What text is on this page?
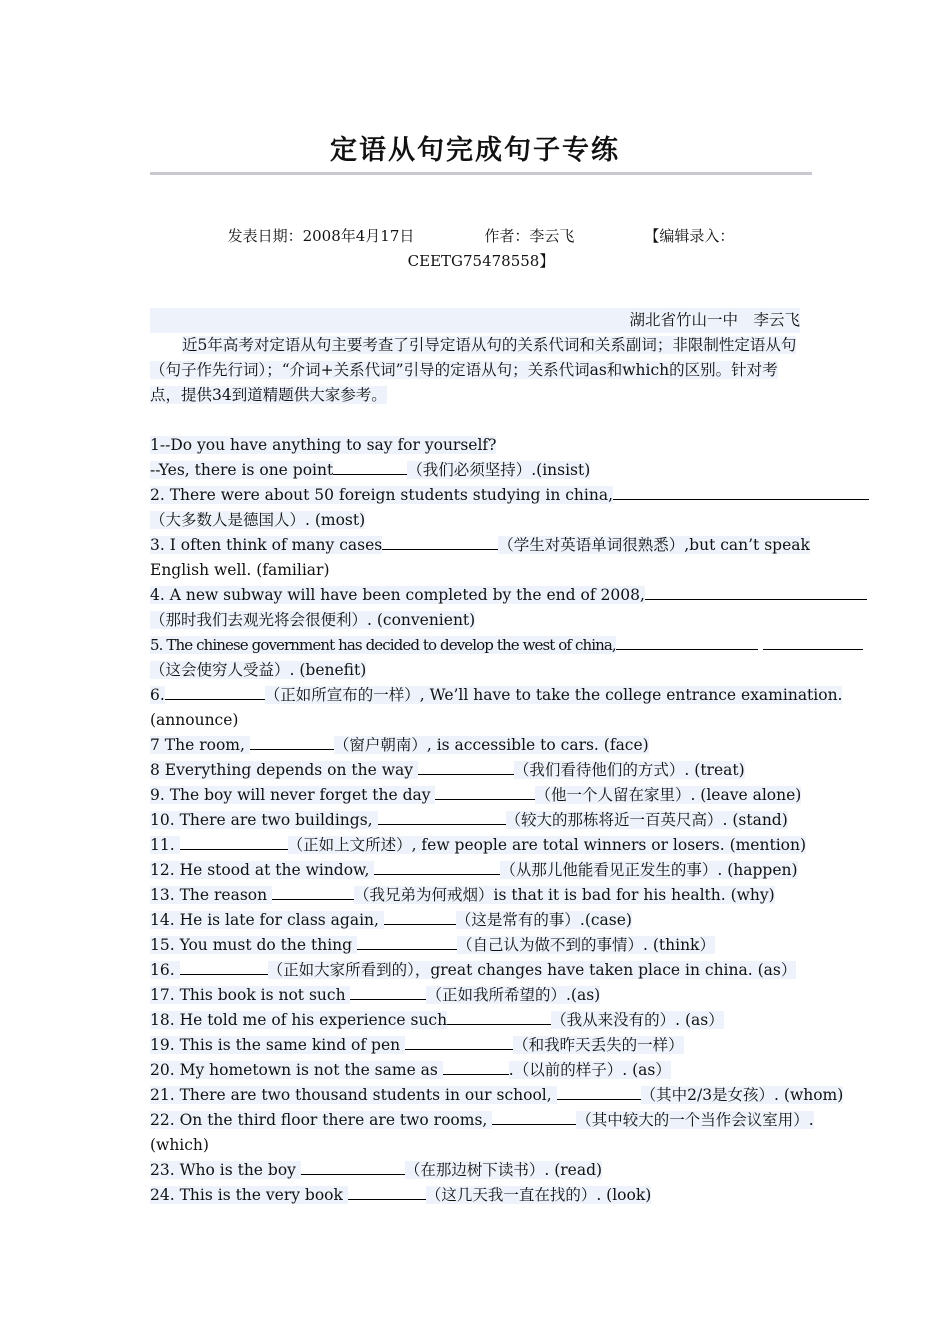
定语从句完成句子专练
发表日期：2008年4月17日	作者：李云飞	【编辑录入：
CEETG75478558】
湖北省竹山一中　李云飞
近5年高考对定语从句主要考查了引导定语从句的关系代词和关系副词；非限制性定语从句（句子作先行词）；“介词+关系代词”引导的定语从句；关系代词as和which的区别。针对考点，提供34到道精题供大家参考。
1--Do you have anything to say for yourself?
--Yes, there is one point	（我们必须坚持）.(insist)
2. There were about 50 foreign students studying in china,
（大多数人是德国人）. (most)
3. I often think of many cases	（学生对英语单词很熟悉）,but can’t speak
English well. (familiar)
4. A new subway will have been completed by the end of 2008,
（那时我们去观光将会很便利）. (convenient)
5. The chinese government has decided to develop the west of china,
（这会使穷人受益）. (benefit)
6.	（正如所宣布的一样）, We’ll have to take the college entrance examination.
(announce)
7 The room,	（窗户朝南）, is accessible to cars. (face)
8 Everything depends on the way	（我们看待他们的方式）. (treat)
9. The boy will never forget the day	（他一个人留在家里）. (leave alone)
10. There are two buildings,	（较大的那栋将近一百英尺高）. (stand)
11.	（正如上文所述）, few people are total winners or losers. (mention)
12. He stood at the window,	（从那儿他能看见正发生的事）. (happen)
13. The reason	（我兄弟为何戒烟）is that it is bad for his health. (why)
14. He is late for class again,	（这是常有的事）.(case)
15. You must do the thing	（自己认为做不到的事情）. (think）
16.	（正如大家所看到的），great changes have taken place in china. (as）
17. This book is not such	（正如我所希望的）.(as)
18. He told me of his experience such	（我从来没有的）. (as）
19. This is the same kind of pen	（和我昨天丢失的一样）
20. My hometown is not the same as	.（以前的样子）. (as）
21. There are two thousand students in our school,	（其中2/3是女孩）. (whom)
22. On the third floor there are two rooms,	（其中较大的一个当作会议室用）.
(which)
23. Who is the boy	（在那边树下读书）. (read)
24. This is the very book	（这几天我一直在找的）. (look)
